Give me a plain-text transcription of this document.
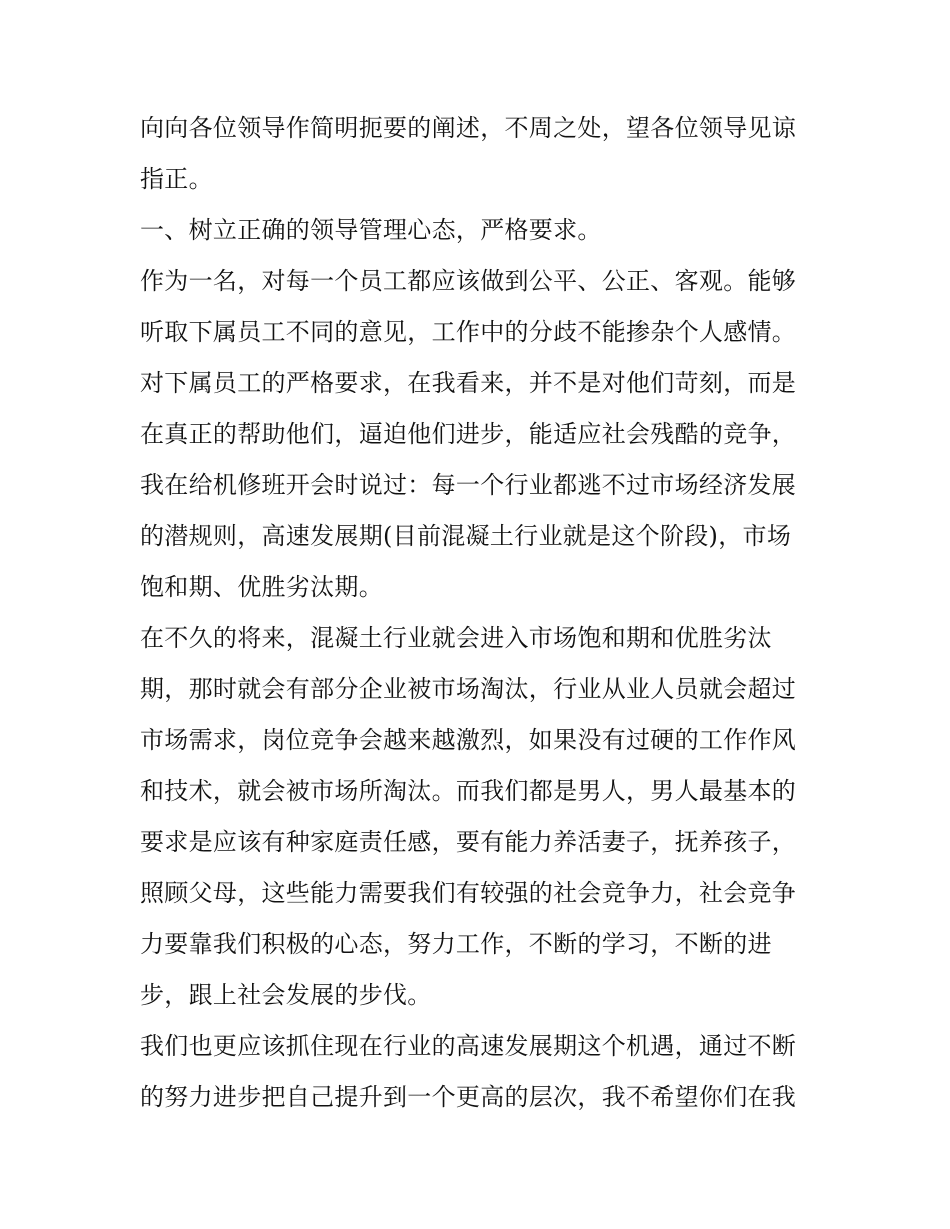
向向各位领导作简明扼要的阐述，不周之处，望各位领导见谅
指正。
一、树立正确的领导管理心态，严格要求。
作为一名，对每一个员工都应该做到公平、公正、客观。能够
听取下属员工不同的意见，工作中的分歧不能掺杂个人感情。
对下属员工的严格要求，在我看来，并不是对他们苛刻，而是
在真正的帮助他们，逼迫他们进步，能适应社会残酷的竞争，
我在给机修班开会时说过：每一个行业都逃不过市场经济发展
的潜规则，高速发展期(目前混凝土行业就是这个阶段)，市场
饱和期、优胜劣汰期。
在不久的将来，混凝土行业就会进入市场饱和期和优胜劣汰
期，那时就会有部分企业被市场淘汰，行业从业人员就会超过
市场需求，岗位竞争会越来越激烈，如果没有过硬的工作作风
和技术，就会被市场所淘汰。而我们都是男人，男人最基本的
要求是应该有种家庭责任感，要有能力养活妻子，抚养孩子，
照顾父母，这些能力需要我们有较强的社会竞争力，社会竞争
力要靠我们积极的心态，努力工作，不断的学习，不断的进
步，跟上社会发展的步伐。
我们也更应该抓住现在行业的高速发展期这个机遇，通过不断
的努力进步把自己提升到一个更高的层次，我不希望你们在我
